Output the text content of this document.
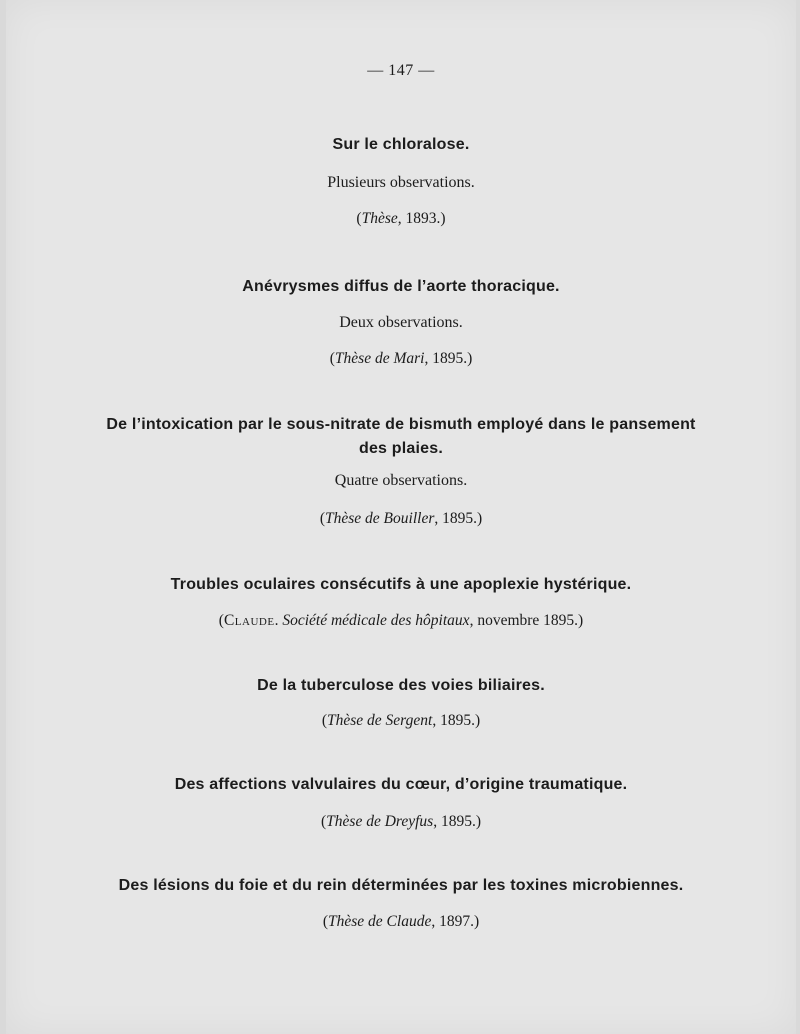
— 147 —
Sur le chloralose.
Plusieurs observations.
(Thèse, 1893.)
Anévrysmes diffus de l’aorte thoracique.
Deux observations.
(Thèse de Mari, 1895.)
De l’intoxication par le sous-nitrate de bismuth employé dans le pansement
des plaies.
Quatre observations.
(Thèse de Bouiller, 1895.)
Troubles oculaires consécutifs à une apoplexie hystérique.
(Claude. Société médicale des hôpitaux, novembre 1895.)
De la tuberculose des voies biliaires.
(Thèse de Sergent, 1895.)
Des affections valvulaires du cœur, d’origine traumatique.
(Thèse de Dreyfus, 1895.)
Des lésions du foie et du rein déterminées par les toxines microbiennes.
(Thèse de Claude, 1897.)
